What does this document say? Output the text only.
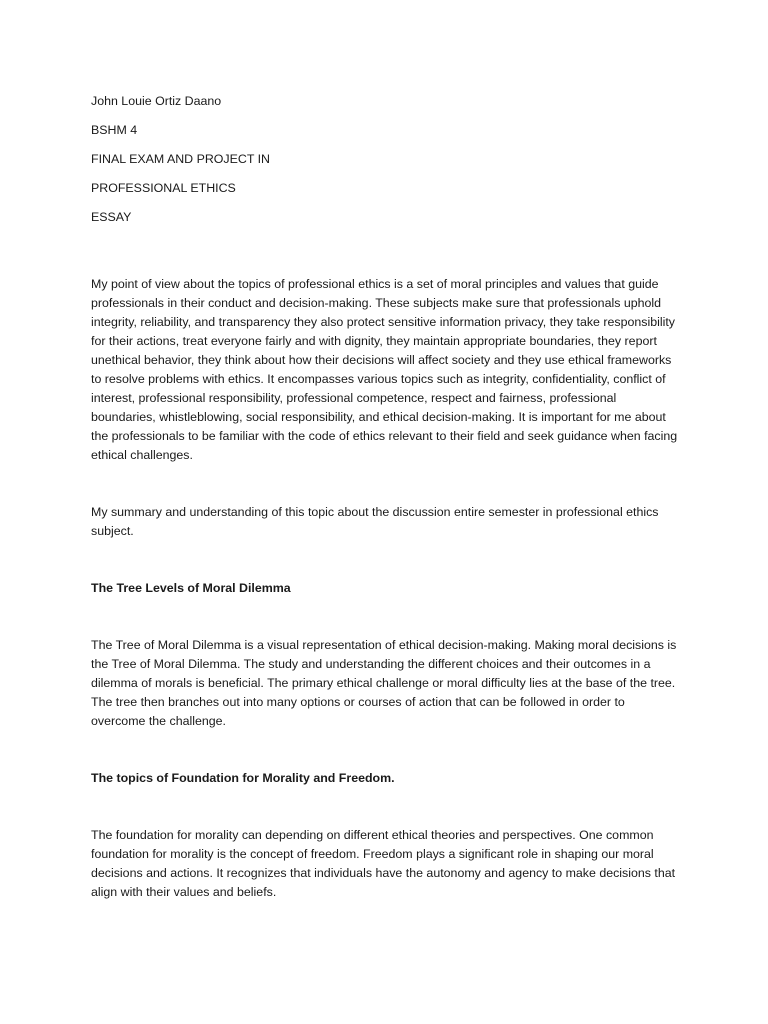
John Louie Ortiz Daano

BSHM 4

FINAL EXAM AND PROJECT IN

PROFESSIONAL ETHICS

ESSAY

My point of view about the topics of professional ethics is a set of moral principles and values that guide professionals in their conduct and decision-making. These subjects make sure that professionals uphold integrity, reliability, and transparency they also protect sensitive information privacy, they take responsibility for their actions, treat everyone fairly and with dignity, they maintain appropriate boundaries, they report unethical behavior, they think about how their decisions will affect society and they use ethical frameworks to resolve problems with ethics. It encompasses various topics such as integrity, confidentiality, conflict of interest, professional responsibility, professional competence, respect and fairness, professional boundaries, whistleblowing, social responsibility, and ethical decision-making. It is important for me about the professionals to be familiar with the code of ethics relevant to their field and seek guidance when facing ethical challenges.

My summary and understanding of this topic about the discussion entire semester in professional ethics subject.

The Tree Levels of Moral Dilemma

The Tree of Moral Dilemma is a visual representation of ethical decision-making. Making moral decisions is the Tree of Moral Dilemma. The study and understanding the different choices and their outcomes in a dilemma of morals is beneficial. The primary ethical challenge or moral difficulty lies at the base of the tree. The tree then branches out into many options or courses of action that can be followed in order to overcome the challenge.

The topics of Foundation for Morality and Freedom.

The foundation for morality can depending on different ethical theories and perspectives. One common foundation for morality is the concept of freedom. Freedom plays a significant role in shaping our moral decisions and actions. It recognizes that individuals have the autonomy and agency to make decisions that align with their values and beliefs.
